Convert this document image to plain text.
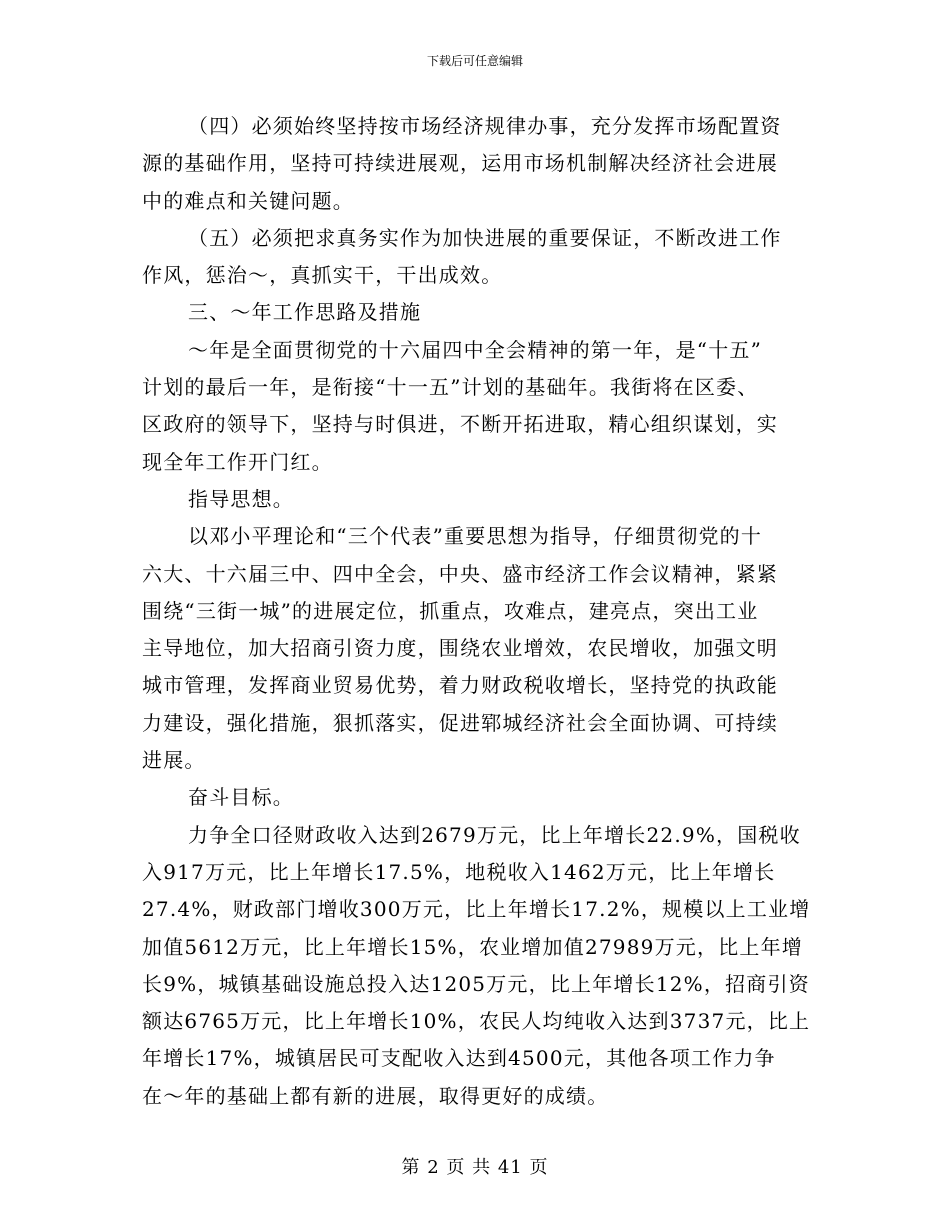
下载后可任意编辑
（四）必须始终坚持按市场经济规律办事，充分发挥市场配置资
源的基础作用，坚持可持续进展观，运用市场机制解决经济社会进展
中的难点和关键问题。
（五）必须把求真务实作为加快进展的重要保证，不断改进工作
作风，惩治～，真抓实干，干出成效。
三、～年工作思路及措施
～年是全面贯彻党的十六届四中全会精神的第一年，是“十五”
计划的最后一年，是衔接“十一五”计划的基础年。我街将在区委、
区政府的领导下，坚持与时俱进，不断开拓进取，精心组织谋划，实
现全年工作开门红。
指导思想。
以邓小平理论和“三个代表”重要思想为指导，仔细贯彻党的十
六大、十六届三中、四中全会，中央、盛市经济工作会议精神，紧紧
围绕“三街一城”的进展定位，抓重点，攻难点，建亮点，突出工业
主导地位，加大招商引资力度，围绕农业增效，农民增收，加强文明
城市管理，发挥商业贸易优势，着力财政税收增长，坚持党的执政能
力建设，强化措施，狠抓落实，促进郓城经济社会全面协调、可持续
进展。
奋斗目标。
力争全口径财政收入达到2679万元，比上年增长22.9%，国税收
入917万元，比上年增长17.5%，地税收入1462万元，比上年增长
27.4%，财政部门增收300万元，比上年增长17.2%，规模以上工业增
加值5612万元，比上年增长15%，农业增加值27989万元，比上年增
长9%，城镇基础设施总投入达1205万元，比上年增长12%，招商引资
额达6765万元，比上年增长10%，农民人均纯收入达到3737元，比上
年增长17%，城镇居民可支配收入达到4500元，其他各项工作力争
在～年的基础上都有新的进展，取得更好的成绩。
第 2 页 共 41 页
